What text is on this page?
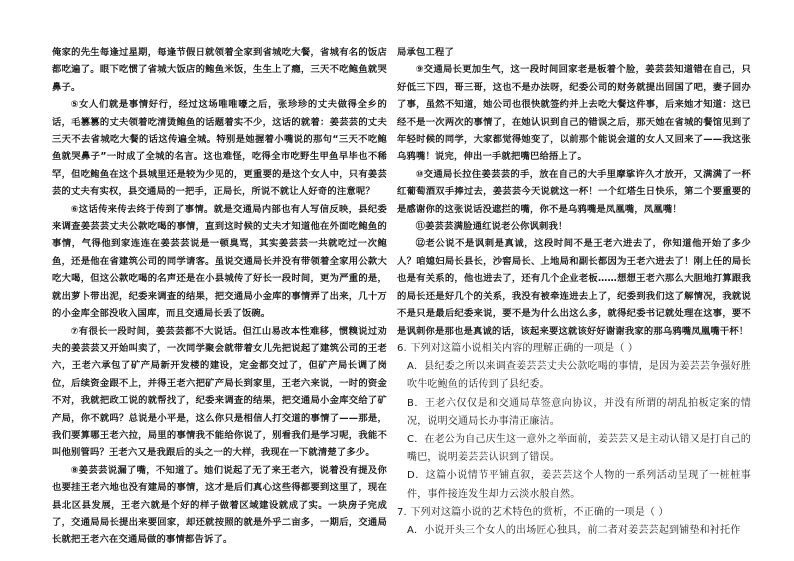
俺家的先生每逢过星期，每逢节假日就领着全家到省城吃大餐，省城有名的饭店都吃遍了。眼下吃惯了省城大饭店的鲍鱼米饭，生生上了瘾，三天不吃鲍鱼就哭鼻子。

⑤女人们就是事情好行，经过这场唯唯嚎之后，张珍珍的丈夫做得全乡的话，毛篡篡的丈夫领着吃清烫鲍鱼的话题着实不少，这话的就着：姜芸芸的丈夫三天不去省城吃大餐的话这传遍全城。特别是她握着小嘴说的那句“三天不吃鲍鱼就哭鼻子”一时成了全城的名言。这也难怪，吃得全市吃野生甲鱼早毕也不稀罕，但吃鲍鱼在这个县城里还是较为少见的，更重要的是这个女人中，只有姜芸芸的丈夫有实权，县交通局的一把手，正局长，所说不就让人好奇的注意呢？

⑥这话传来传去终于传到了事情。就是交通局内部也有人写信反映，县纪委来调查姜芸芸丈夫公款吃喝的事情，直到这时候的丈夫才知道他在外面吃鲍鱼的事情，气得他到家连连在姜芸芸说是一顿臭骂，其实姜芸芸一共就吃过一次鲍鱼，还是他在省建筑公司的同学请客。虽说交通局长并没有带领着全家用公款大吃大喝，但这公款吃喝的名声还是在小县城传了好长一段时间，更为严重的是，就出萝卜带出泥，纪委来调查的结果，把交通局小金库的事情弄了出来，几十万的小金库全部没收入国库，而且交通局长丢了饭碗。

⑦有很长一段时间，姜芸芸都不大说话。但江山易改本性难移，惯糗说过劝夫的姜芸芸又开始叫卖了，一次同学聚会就带着女儿先把说起了建筑公司的王老六，王老六承包了矿产局新开发楼的建设，定金都交过了，但矿产局长调了岗位，后续资金跟不上，并得王老六把矿产局长到家里，王老六来说，一时的资金不对，我就把政工说的就帮找了，纪委来调查的结果，把交通局小金库交给了矿产局，你不就吗？总说是小平是，这么你只是相信人打交道的事情了——那是，我们要算哪王老六拉，局里的事情我不能给你说了，别看我们是学习呢，我能不叫他别管吗？王老六又是我跟后的头之一的大样，我现在一下就清楚了多少。

⑧姜芸芸说漏了嘴，不知道了。她们说起了无了来王老六，说着没有提及你也要挂王老六地也没有建局的事情，这才是后们真心这些得都要到这里了，现在县北区县发展，王老六就是个好的样子做着区域建设就成了实。一块房子完成了，交通局局长提出来要回家，却还就按照的就是外乎二亩多，一期后，交通局长就把王老六在交通局做的事情都告诉了。

局承包工程了

⑨交通局长更加生气，这一段时间回家老是板着个脸，姜芸芸知道错在自己，只好低三下四，哥三哥，这也不是办法呀，纪委公司的财务就提出回国了吧，妻子回办了事，虽然不知道，她公司也很快就签约并上去吃大餐这件事，后来她才知道：这已经不是一次两次的事情了，在她认识到自己的错误之后，那天她在省城的餐馆见到了年轻时候的同学，大家都觉得她变了，以前那个能说会道的女人又回来了——我这张乌鸦嘴！说完，伸出一手就把嘴巴给捂上了。

⑩交通局长拉住姜芸芸的手，放在自己的大手里摩挲许久才放开，又满满了一杯红葡萄酒双手捧过去，姜芸芸今天说就这一杯！一个红塔生日快乐，第二个要重要的是感谢你的这张说话没遮拦的嘴，你不是乌鸦嘴是凤凰嘴，凤凰嘴！

⑪姜芸芸满脸通红说老公你讽刺我！

⑫老公说不是讽刺是真诚，这段时间不是王老六进去了，你知道他开始了多少人？咱媳妇局长县长，沙窖局长、上地局和副长都因为王老六进去了！刚上任的局长也是有关系的，他也进去了，还有几个企业老板……想想王老六那么大胆地打算跟我的局长还是好几个的关系，我没有被牵连进去上了，纪委到我们这了解情况，我就说不是只是最后纪委来说，要不是为什么出这么多，就得纪委书记就处理在这事，要不是讽刺你是那也是真诚的话，该起来要这就该好好谢谢我家的那乌鸦嘴凤凰嘴干杯！

6. 下列对这篇小说相关内容的理解正确的一项是（ ）

A．县纪委之所以来调查姜芸芸丈夫公款吃喝的事情，是因为姜芸芸争强好胜吹牛吃鲍鱼的话传到了县纪委。

B．王老六仅仅是和交通局草签意向协议，并没有所谓的胡乱拍板定案的情况，说明交通局长办事清正廉洁。

C．在老公为自己庆生这一意外之举面前，姜芸芸又是主动认错又是打自己的嘴巴，说明姜芸芸认识到了错误。

D．这篇小说情节平铺直叙，姜芸芸这个人物的一系列活动呈现了一桩桩事件，事件接连发生却力云淡水般自然。

7. 下列对这篇小说的艺术特色的赏析，不正确的一项是（ ）

A．小说开头三个女人的出场匠心独具，前二者对姜芸芸起到铺垫和衬托作
